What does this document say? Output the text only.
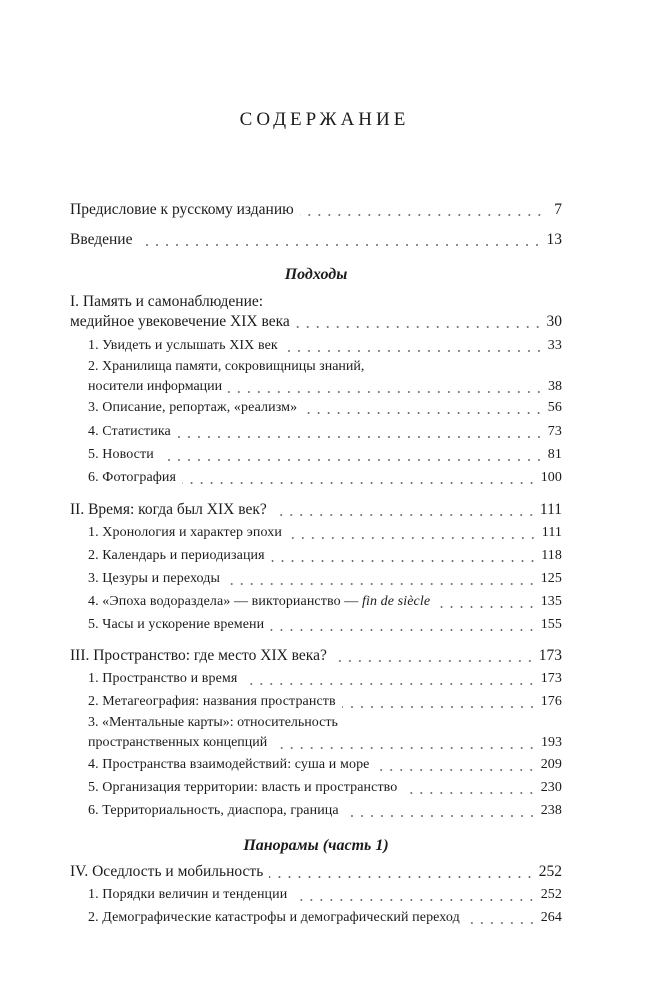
СОДЕРЖАНИЕ
Предисловие к русскому изданию	7
Введение	13
Подходы
I. Память и самонаблюдение:
медийное увековечение XIX века	30
1. Увидеть и услышать XIX век	33
2. Хранилища памяти, сокровищницы знаний,
носители информации	38
3. Описание, репортаж, «реализм»	56
4. Статистика	73
5. Новости	81
6. Фотография	100
II. Время: когда был XIX век?	111
1. Хронология и характер эпохи	111
2. Календарь и периодизация	118
3. Цезуры и переходы	125
4. «Эпоха водораздела» — викторианство — fin de siècle	135
5. Часы и ускорение времени	155
III. Пространство: где место XIX века?	173
1. Пространство и время	173
2. Метагеография: названия пространств	176
3. «Ментальные карты»: относительность
пространственных концепций	193
4. Пространства взаимодействий: суша и море	209
5. Организация территории: власть и пространство	230
6. Территориальность, диаспора, граница	238
Панорамы (часть 1)
IV. Оседлость и мобильность	252
1. Порядки величин и тенденции	252
2. Демографические катастрофы и демографический переход	264
